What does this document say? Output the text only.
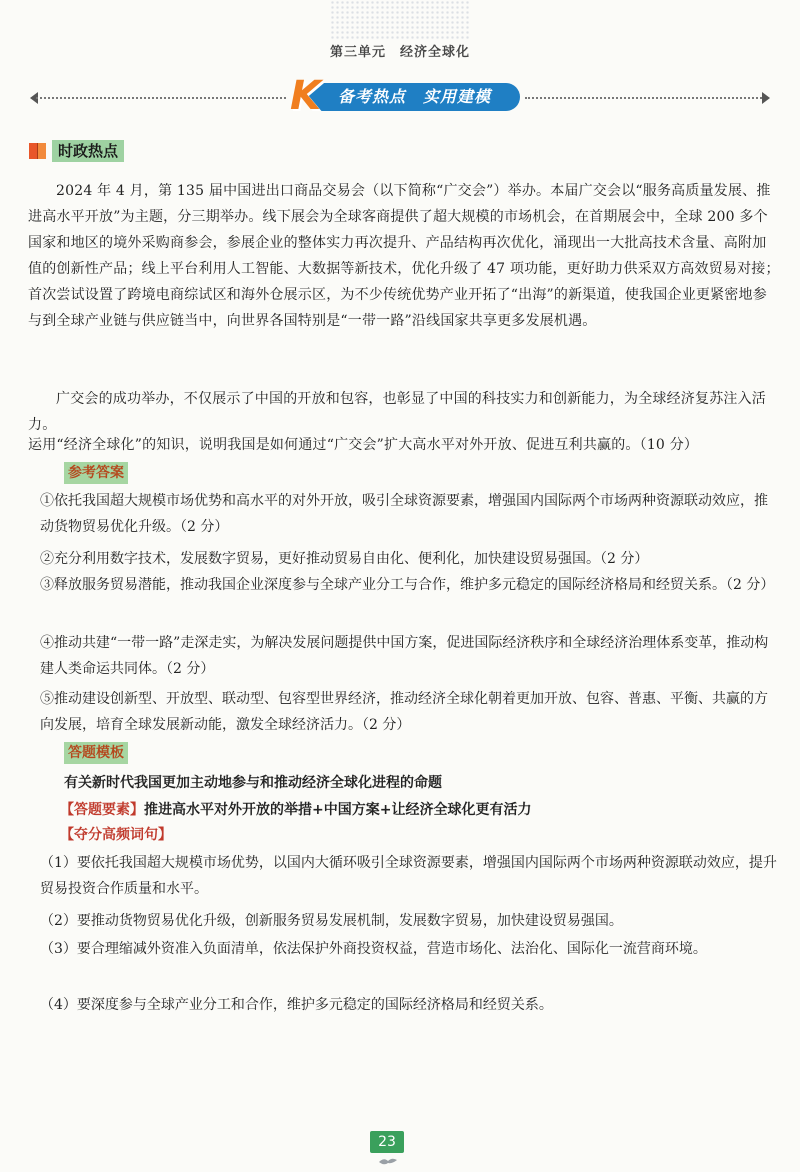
第三单元　经济全球化
K	备考热点　实用建模
时政热点
2024 年 4 月，第 135 届中国进出口商品交易会（以下简称“广交会”）举办。本届广交会以“服务高质量发展、推进高水平开放”为主题，分三期举办。线下展会为全球客商提供了超大规模的市场机会，在首期展会中，全球 200 多个国家和地区的境外采购商参会，参展企业的整体实力再次提升、产品结构再次优化，涌现出一大批高技术含量、高附加值的创新性产品；线上平台利用人工智能、大数据等新技术，优化升级了 47 项功能，更好助力供采双方高效贸易对接；首次尝试设置了跨境电商综试区和海外仓展示区，为不少传统优势产业开拓了“出海”的新渠道，使我国企业更紧密地参与到全球产业链与供应链当中，向世界各国特别是“一带一路”沿线国家共享更多发展机遇。
广交会的成功举办，不仅展示了中国的开放和包容，也彰显了中国的科技实力和创新能力，为全球经济复苏注入活力。
运用“经济全球化”的知识，说明我国是如何通过“广交会”扩大高水平对外开放、促进互利共赢的。（10 分）
参考答案
①依托我国超大规模市场优势和高水平的对外开放，吸引全球资源要素，增强国内国际两个市场两种资源联动效应，推动货物贸易优化升级。（2 分）
②充分利用数字技术，发展数字贸易，更好推动贸易自由化、便利化，加快建设贸易强国。（2 分）
③释放服务贸易潜能，推动我国企业深度参与全球产业分工与合作，维护多元稳定的国际经济格局和经贸关系。（2 分）
④推动共建“一带一路”走深走实，为解决发展问题提供中国方案，促进国际经济秩序和全球经济治理体系变革，推动构建人类命运共同体。（2 分）
⑤推动建设创新型、开放型、联动型、包容型世界经济，推动经济全球化朝着更加开放、包容、普惠、平衡、共赢的方向发展，培育全球发展新动能，激发全球经济活力。（2 分）
答题模板
有关新时代我国更加主动地参与和推动经济全球化进程的命题
【答题要素】推进高水平对外开放的举措+中国方案+让经济全球化更有活力
【夺分高频词句】
（1）要依托我国超大规模市场优势，以国内大循环吸引全球资源要素，增强国内国际两个市场两种资源联动效应，提升贸易投资合作质量和水平。
（2）要推动货物贸易优化升级，创新服务贸易发展机制，发展数字贸易，加快建设贸易强国。
（3）要合理缩减外资准入负面清单，依法保护外商投资权益，营造市场化、法治化、国际化一流营商环境。
（4）要深度参与全球产业分工和合作，维护多元稳定的国际经济格局和经贸关系。
23
